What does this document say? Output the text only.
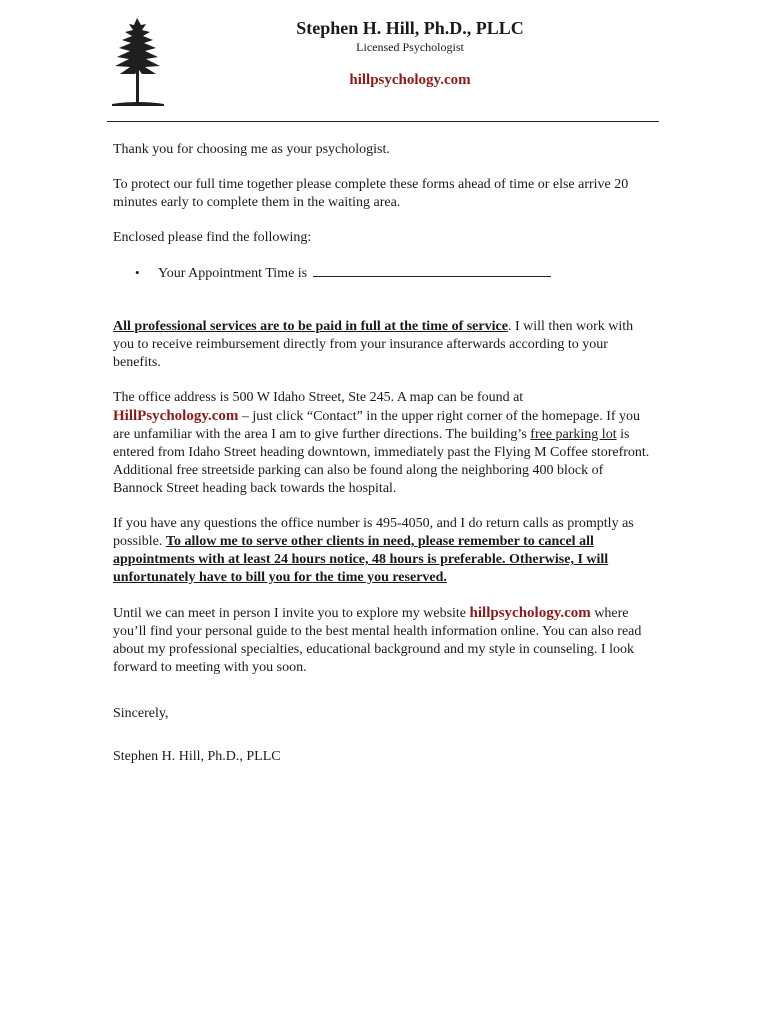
Stephen H. Hill, Ph.D., PLLC
Licensed Psychologist
hillpsychology.com

Thank you for choosing me as your psychologist.

To protect our full time together please complete these forms ahead of time or else arrive 20 minutes early to complete them in the waiting area.

Enclosed please find the following:

•	Your Appointment Time is

All professional services are to be paid in full at the time of service. I will then work with you to receive reimbursement directly from your insurance afterwards according to your benefits.

The office address is 500 W Idaho Street, Ste 245. A map can be found at
HillPsychology.com – just click “Contact” in the upper right corner of the homepage. If you are unfamiliar with the area I am to give further directions. The building’s free parking lot is entered from Idaho Street heading downtown, immediately past the Flying M Coffee storefront. Additional free streetside parking can also be found along the neighboring 400 block of Bannock Street heading back towards the hospital.

If you have any questions the office number is 495-4050, and I do return calls as promptly as possible. To allow me to serve other clients in need, please remember to cancel all appointments with at least 24 hours notice, 48 hours is preferable. Otherwise, I will unfortunately have to bill you for the time you reserved.

Until we can meet in person I invite you to explore my website hillpsychology.com where you’ll find your personal guide to the best mental health information online. You can also read about my professional specialties, educational background and my style in counseling. I look forward to meeting with you soon.

Sincerely,

Stephen H. Hill, Ph.D., PLLC
